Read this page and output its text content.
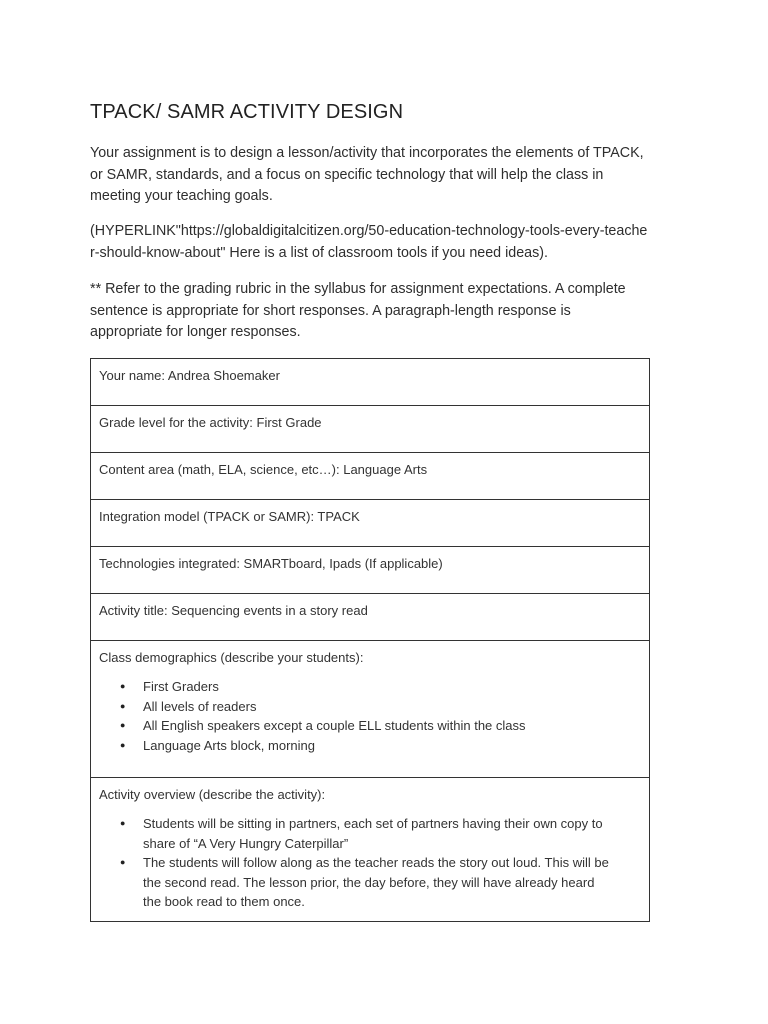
TPACK/ SAMR ACTIVITY DESIGN
Your assignment is to design a lesson/activity that incorporates the elements of TPACK,
or SAMR, standards, and a focus on specific technology that will help the class in
meeting your teaching goals.
(HYPERLINK"https://globaldigitalcitizen.org/50-education-technology-tools-every-teache
r-should-know-about" Here is a list of classroom tools if you need ideas).
** Refer to the grading rubric in the syllabus for assignment expectations. A complete
sentence is appropriate for short responses. A paragraph-length response is
appropriate for longer responses.
Your name: Andrea Shoemaker

Grade level for the activity: First Grade

Content area (math, ELA, science, etc…): Language Arts

Integration model (TPACK or SAMR): TPACK

Technologies integrated: SMARTboard, Ipads (If applicable)

Activity title: Sequencing events in a story read

Class demographics (describe your students):
● First Graders
● All levels of readers
● All English speakers except a couple ELL students within the class
● Language Arts block, morning

Activity overview (describe the activity):
● Students will be sitting in partners, each set of partners having their own copy to
share of “A Very Hungry Caterpillar”
● The students will follow along as the teacher reads the story out loud. This will be
the second read. The lesson prior, the day before, they will have already heard
the book read to them once.
